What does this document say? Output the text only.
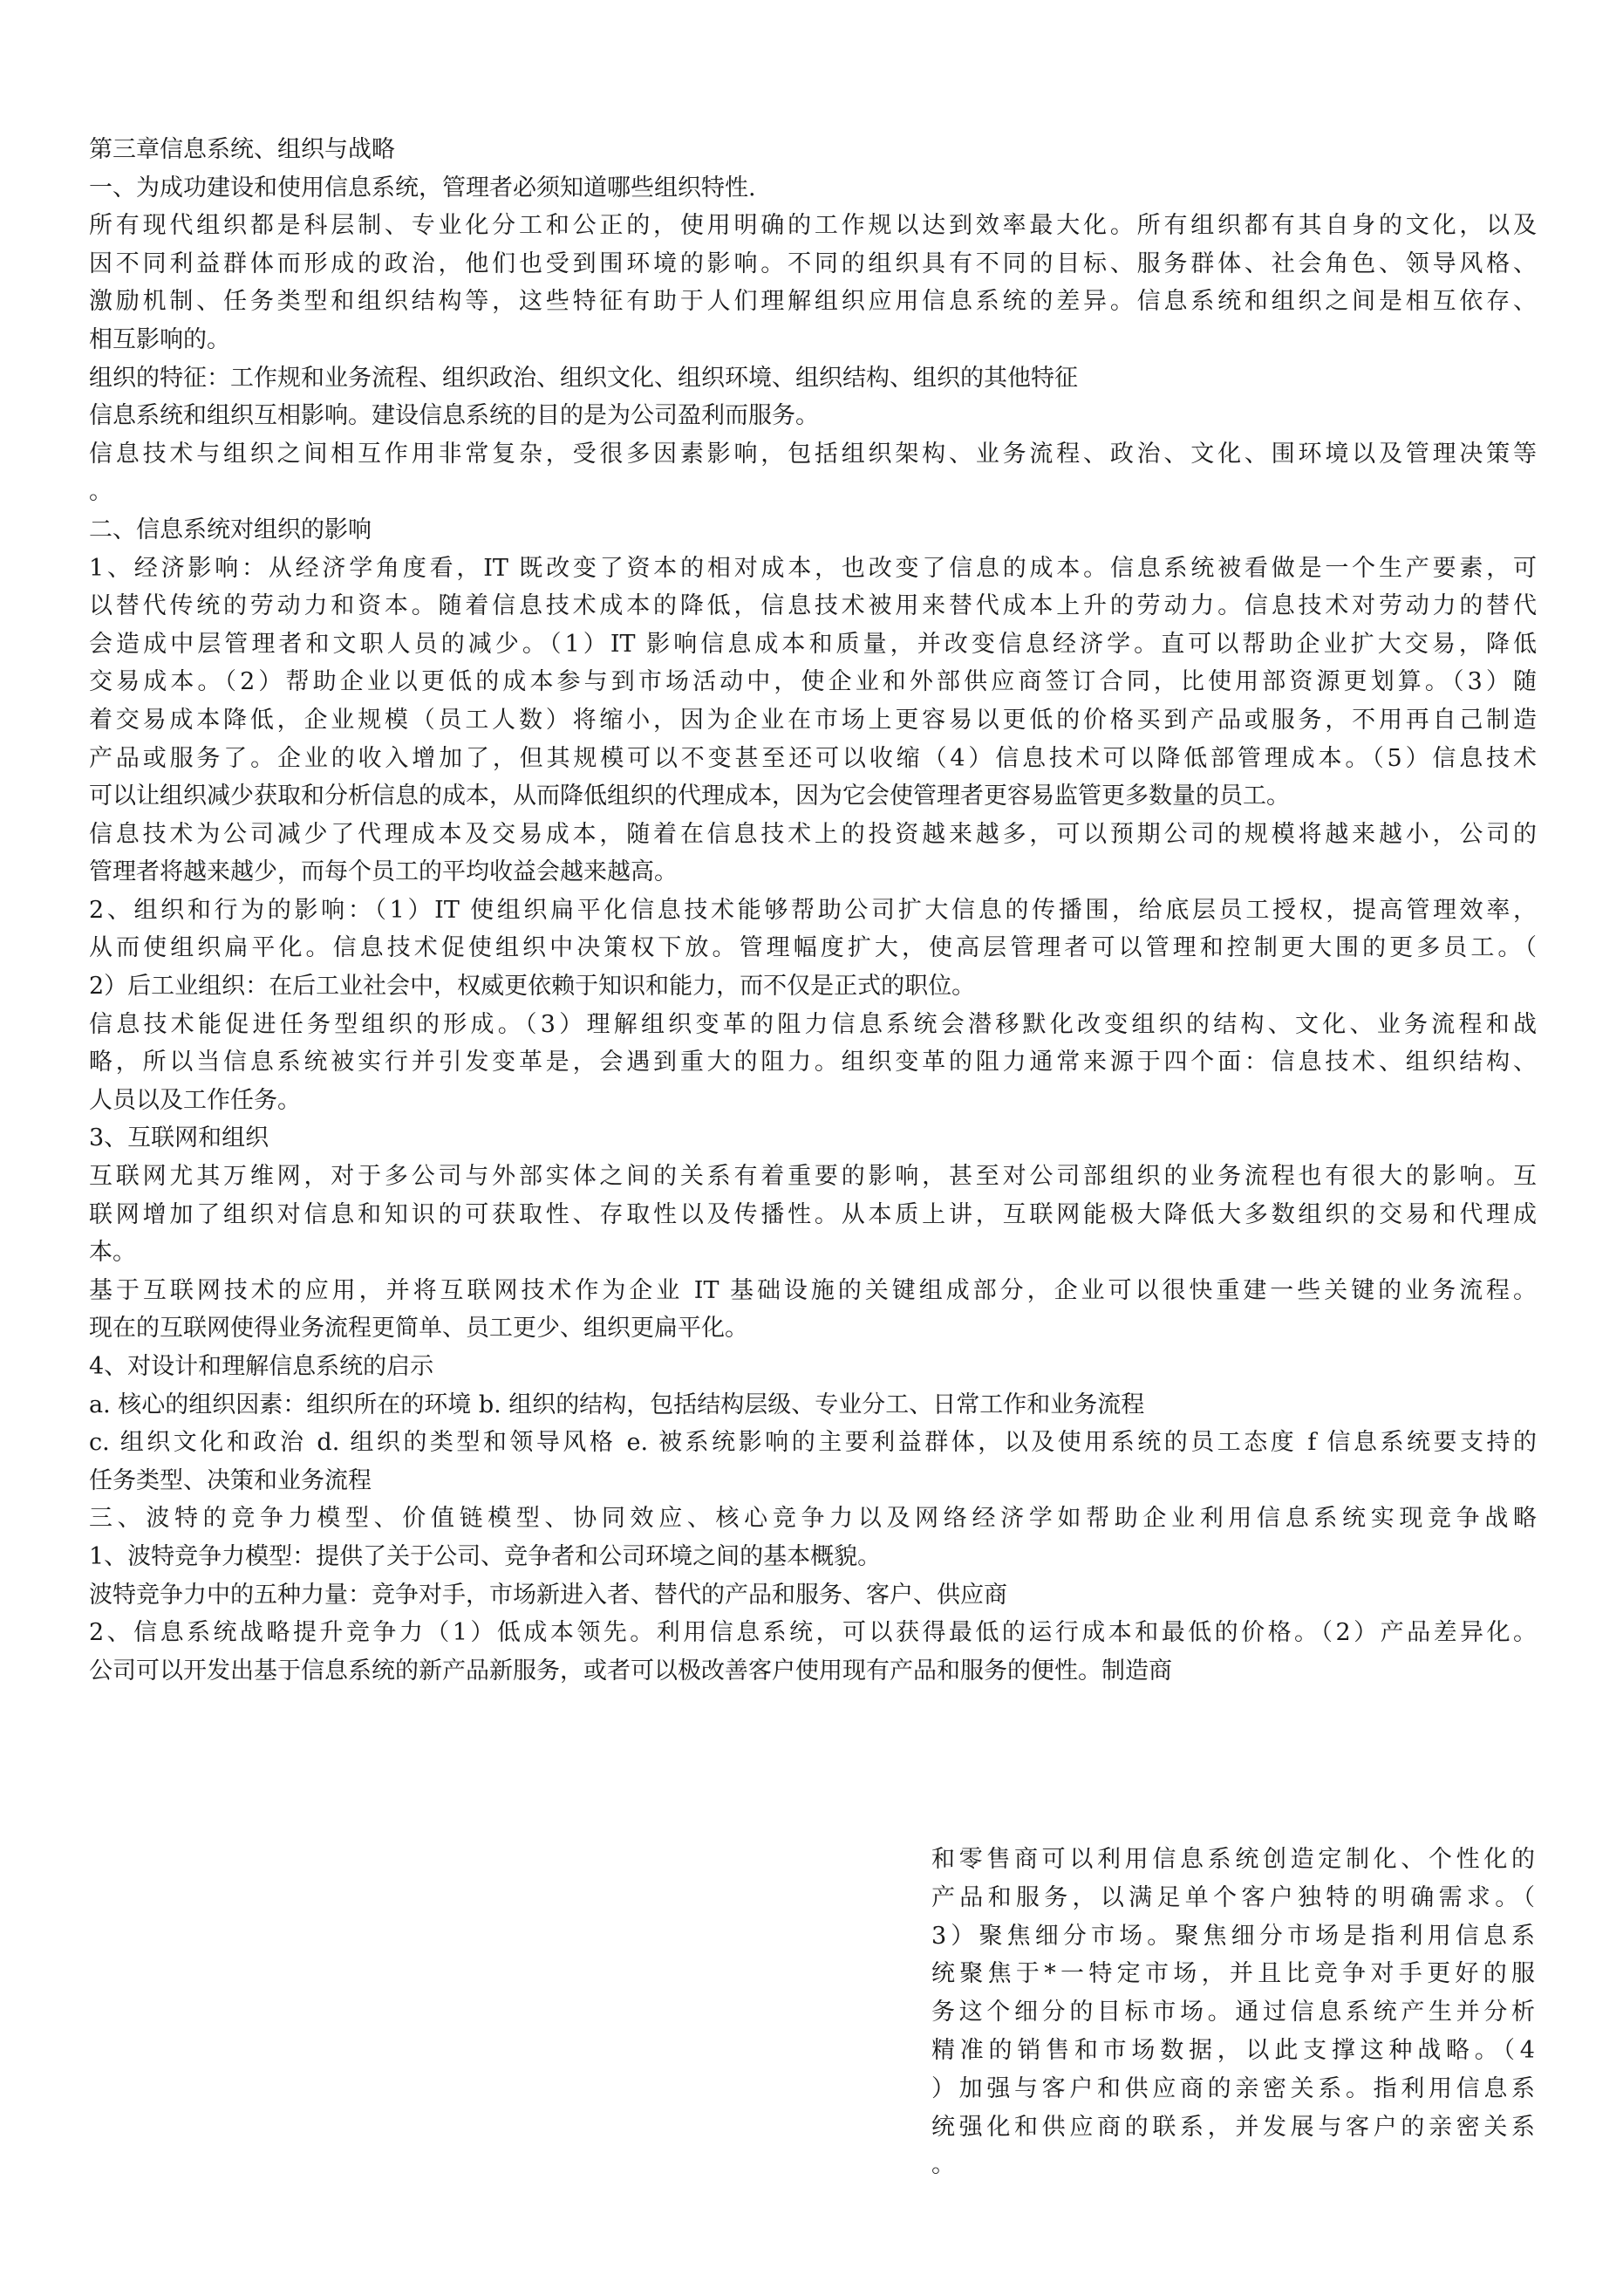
第三章信息系统、组织与战略
一、为成功建设和使用信息系统，管理者必须知道哪些组织特性.
所有现代组织都是科层制、专业化分工和公正的，使用明确的工作规以达到效率最大化。所有组织都有其自身的文化，以及
因不同利益群体而形成的政治，他们也受到围环境的影响。不同的组织具有不同的目标、服务群体、社会角色、领导风格、
激励机制、任务类型和组织结构等，这些特征有助于人们理解组织应用信息系统的差异。信息系统和组织之间是相互依存、
相互影响的。
组织的特征：工作规和业务流程、组织政治、组织文化、组织环境、组织结构、组织的其他特征
信息系统和组织互相影响。建设信息系统的目的是为公司盈利而服务。
信息技术与组织之间相互作用非常复杂，受很多因素影响，包括组织架构、业务流程、政治、文化、围环境以及管理决策等
。
二、信息系统对组织的影响
1、经济影响：从经济学角度看，IT 既改变了资本的相对成本，也改变了信息的成本。信息系统被看做是一个生产要素，可
以替代传统的劳动力和资本。随着信息技术成本的降低，信息技术被用来替代成本上升的劳动力。信息技术对劳动力的替代
会造成中层管理者和文职人员的减少。（1）IT 影响信息成本和质量，并改变信息经济学。直可以帮助企业扩大交易，降低
交易成本。（2）帮助企业以更低的成本参与到市场活动中，使企业和外部供应商签订合同，比使用部资源更划算。（3）随
着交易成本降低，企业规模（员工人数）将缩小，因为企业在市场上更容易以更低的价格买到产品或服务，不用再自己制造
产品或服务了。企业的收入增加了，但其规模可以不变甚至还可以收缩（4）信息技术可以降低部管理成本。（5）信息技术
可以让组织减少获取和分析信息的成本，从而降低组织的代理成本，因为它会使管理者更容易监管更多数量的员工。
信息技术为公司减少了代理成本及交易成本，随着在信息技术上的投资越来越多，可以预期公司的规模将越来越小，公司的
管理者将越来越少，而每个员工的平均收益会越来越高。
2、组织和行为的影响：（1）IT 使组织扁平化信息技术能够帮助公司扩大信息的传播围，给底层员工授权，提高管理效率，
从而使组织扁平化。信息技术促使组织中决策权下放。管理幅度扩大，使高层管理者可以管理和控制更大围的更多员工。（
2）后工业组织：在后工业社会中，权威更依赖于知识和能力，而不仅是正式的职位。
信息技术能促进任务型组织的形成。（3）理解组织变革的阻力信息系统会潜移默化改变组织的结构、文化、业务流程和战
略，所以当信息系统被实行并引发变革是，会遇到重大的阻力。组织变革的阻力通常来源于四个面：信息技术、组织结构、
人员以及工作任务。
3、互联网和组织
互联网尤其万维网，对于多公司与外部实体之间的关系有着重要的影响，甚至对公司部组织的业务流程也有很大的影响。互
联网增加了组织对信息和知识的可获取性、存取性以及传播性。从本质上讲，互联网能极大降低大多数组织的交易和代理成
本。
基于互联网技术的应用，并将互联网技术作为企业 IT 基础设施的关键组成部分，企业可以很快重建一些关键的业务流程。
现在的互联网使得业务流程更简单、员工更少、组织更扁平化。
4、对设计和理解信息系统的启示
a. 核心的组织因素：组织所在的环境 b. 组织的结构，包括结构层级、专业分工、日常工作和业务流程
c. 组织文化和政治 d. 组织的类型和领导风格 e. 被系统影响的主要利益群体，以及使用系统的员工态度 f 信息系统要支持的
任务类型、决策和业务流程
三、波特的竞争力模型、价值链模型、协同效应、核心竞争力以及网络经济学如帮助企业利用信息系统实现竞争战略
1、波特竞争力模型：提供了关于公司、竞争者和公司环境之间的基本概貌。
波特竞争力中的五种力量：竞争对手，市场新进入者、替代的产品和服务、客户、供应商
2、信息系统战略提升竞争力（1）低成本领先。利用信息系统，可以获得最低的运行成本和最低的价格。（2）产品差异化。
公司可以开发出基于信息系统的新产品新服务，或者可以极改善客户使用现有产品和服务的便性。制造商
和零售商可以利用信息系统创造定制化、个性化的
产品和服务，以满足单个客户独特的明确需求。（
3）聚焦细分市场。聚焦细分市场是指利用信息系
统聚焦于*一特定市场，并且比竞争对手更好的服
务这个细分的目标市场。通过信息系统产生并分析
精准的销售和市场数据，以此支撑这种战略。（4
）加强与客户和供应商的亲密关系。指利用信息系
统强化和供应商的联系，并发展与客户的亲密关系
。
